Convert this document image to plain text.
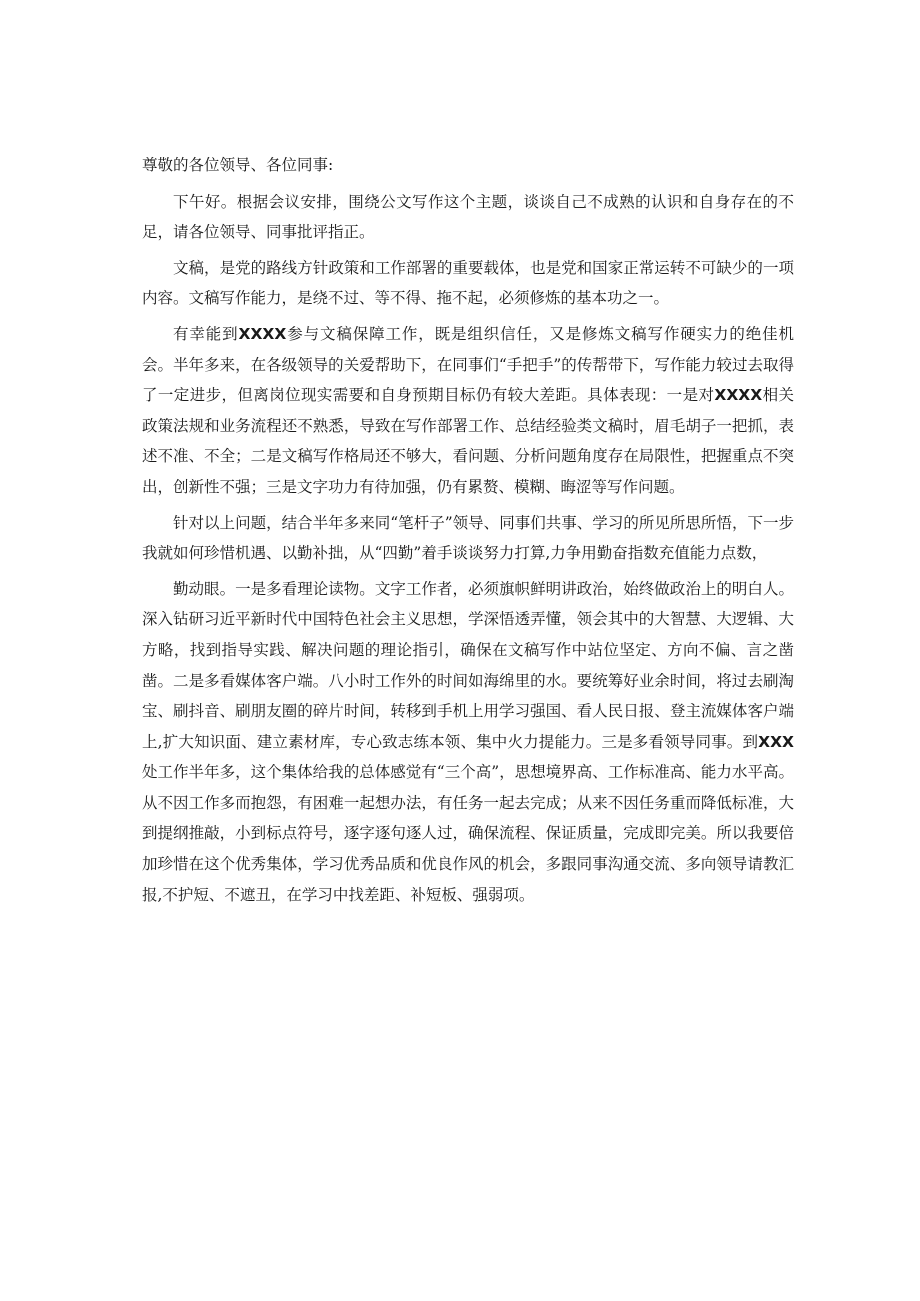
尊敬的各位领导、各位同事:

下午好。根据会议安排，围绕公文写作这个主题，谈谈自己不成熟的认识和自身存在的不足，请各位领导、同事批评指正。

文稿，是党的路线方针政策和工作部署的重要载体，也是党和国家正常运转不可缺少的一项内容。文稿写作能力，是绕不过、等不得、拖不起，必须修炼的基本功之一。

有幸能到XXXX参与文稿保障工作，既是组织信任，又是修炼文稿写作硬实力的绝佳机会。半年多来，在各级领导的关爱帮助下，在同事们“手把手”的传帮带下，写作能力较过去取得了一定进步，但离岗位现实需要和自身预期目标仍有较大差距。具体表现：一是对XXXX相关政策法规和业务流程还不熟悉，导致在写作部署工作、总结经验类文稿时，眉毛胡子一把抓，表述不准、不全；二是文稿写作格局还不够大，看问题、分析问题角度存在局限性，把握重点不突出，创新性不强；三是文字功力有待加强，仍有累赘、模糊、晦涩等写作问题。

针对以上问题，结合半年多来同“笔杆子”领导、同事们共事、学习的所见所思所悟，下一步我就如何珍惜机遇、以勤补拙，从“四勤”着手谈谈努力打算,力争用勤奋指数充值能力点数，

勤动眼。一是多看理论读物。文字工作者，必须旗帜鲜明讲政治，始终做政治上的明白人。深入钻研习近平新时代中国特色社会主义思想，学深悟透弄懂，领会其中的大智慧、大逻辑、大方略，找到指导实践、解决问题的理论指引，确保在文稿写作中站位坚定、方向不偏、言之凿凿。二是多看媒体客户端。八小时工作外的时间如海绵里的水。要统筹好业余时间，将过去刷淘宝、刷抖音、刷朋友圈的碎片时间，转移到手机上用学习强国、看人民日报、登主流媒体客户端上,扩大知识面、建立素材库，专心致志练本领、集中火力提能力。三是多看领导同事。到XXX处工作半年多，这个集体给我的总体感觉有“三个高”，思想境界高、工作标准高、能力水平高。从不因工作多而抱怨，有困难一起想办法，有任务一起去完成；从来不因任务重而降低标准，大到提纲推敲，小到标点符号，逐字逐句逐人过，确保流程、保证质量，完成即完美。所以我要倍加珍惜在这个优秀集体，学习优秀品质和优良作风的机会，多跟同事沟通交流、多向领导请教汇报,不护短、不遮丑，在学习中找差距、补短板、强弱项。
